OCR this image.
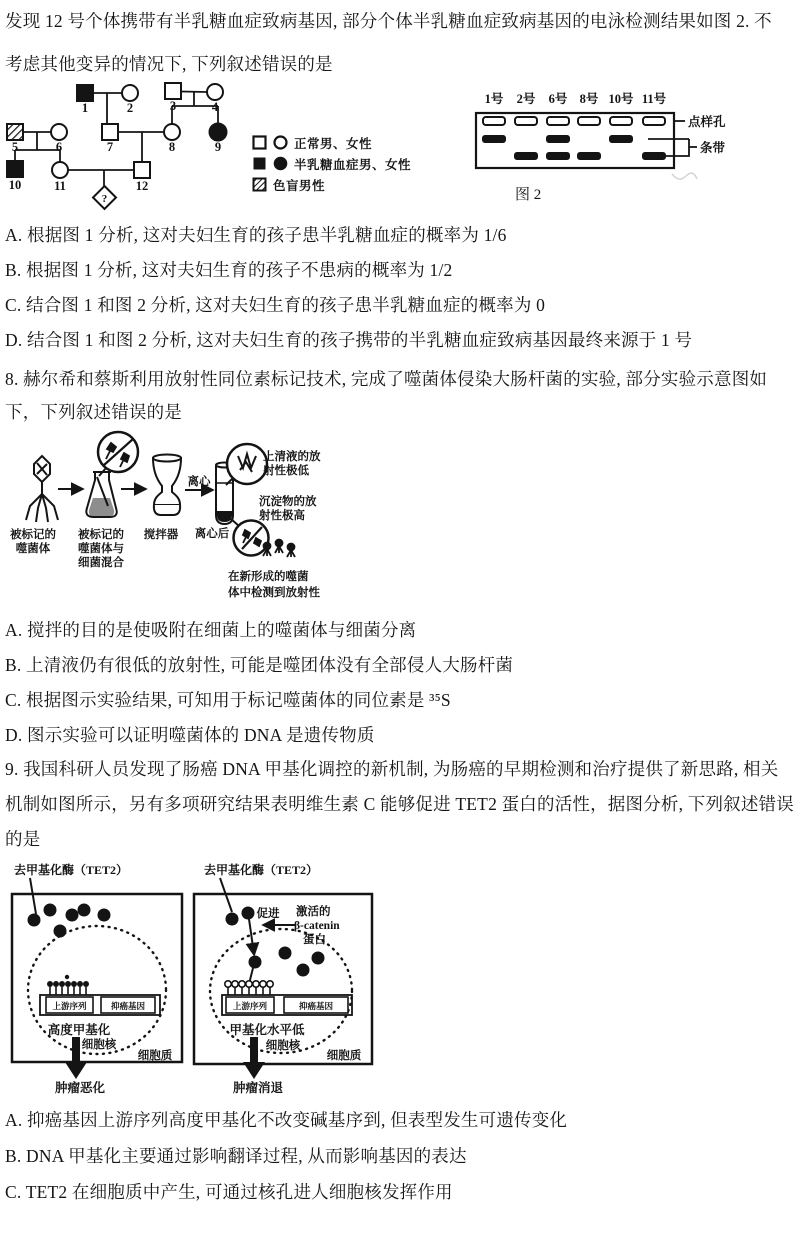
发现 12 号个体携带有半乳糖血症致病基因, 部分个体半乳糖血症致病基因的电泳检测结果如图 2. 不
考虑其他变异的情况下, 下列叙述错误的是
1	2	3	4
5	6	7	8	9
10	11	12
?
正常男、女性
半乳糖血症男、女性
色盲男性
1号 2号 6号 8号 10号 11号
点样孔
条带
图 2
A. 根据图 1 分析, 这对夫妇生育的孩子患半乳糖血症的概率为 1/6
B. 根据图 1 分析, 这对夫妇生育的孩子不患病的概率为 1/2
C. 结合图 1 和图 2 分析, 这对夫妇生育的孩子患半乳糖血症的概率为 0
D. 结合图 1 和图 2 分析, 这对夫妇生育的孩子携带的半乳糖血症致病基因最终来源于 1 号
8. 赫尔希和蔡斯利用放射性同位素标记技术, 完成了噬菌体侵染大肠杆菌的实验, 部分实验示意图如
下，下列叙述错误的是
被标记的
噬菌体
被标记的
噬菌体与
细菌混合
搅拌器
离心
离心后
上清液的放
射性极低
沉淀物的放
射性极高
在新形成的噬菌
体中检测到放射性
A. 搅拌的目的是使吸附在细菌上的噬菌体与细菌分离
B. 上清液仍有很低的放射性, 可能是噬团体没有全部侵人大肠杆菌
C. 根据图示实验结果, 可知用于标记噬菌体的同位素是 ³⁵S
D. 图示实验可以证明噬菌体的 DNA 是遗传物质
9. 我国科研人员发现了肠癌 DNA 甲基化调控的新机制, 为肠癌的早期检测和治疗提供了新思路, 相关
机制如图所示，另有多项研究结果表明维生素 C 能够促进 TET2 蛋白的活性，据图分析, 下列叙述错误
的是
去甲基化酶（TET2）
上游序列	抑癌基因
高度甲基化
细胞核
细胞质
肿瘤恶化
去甲基化酶（TET2）
促进 激活的
β-catenin
蛋白
上游序列	抑癌基因
甲基化水平低
细胞核
细胞质
肿瘤消退
A. 抑癌基因上游序列高度甲基化不改变碱基序到, 但表型发生可遗传变化
B. DNA 甲基化主要通过影响翻译过程, 从而影响基因的表达
C. TET2 在细胞质中产生, 可通过核孔进人细胞核发挥作用
